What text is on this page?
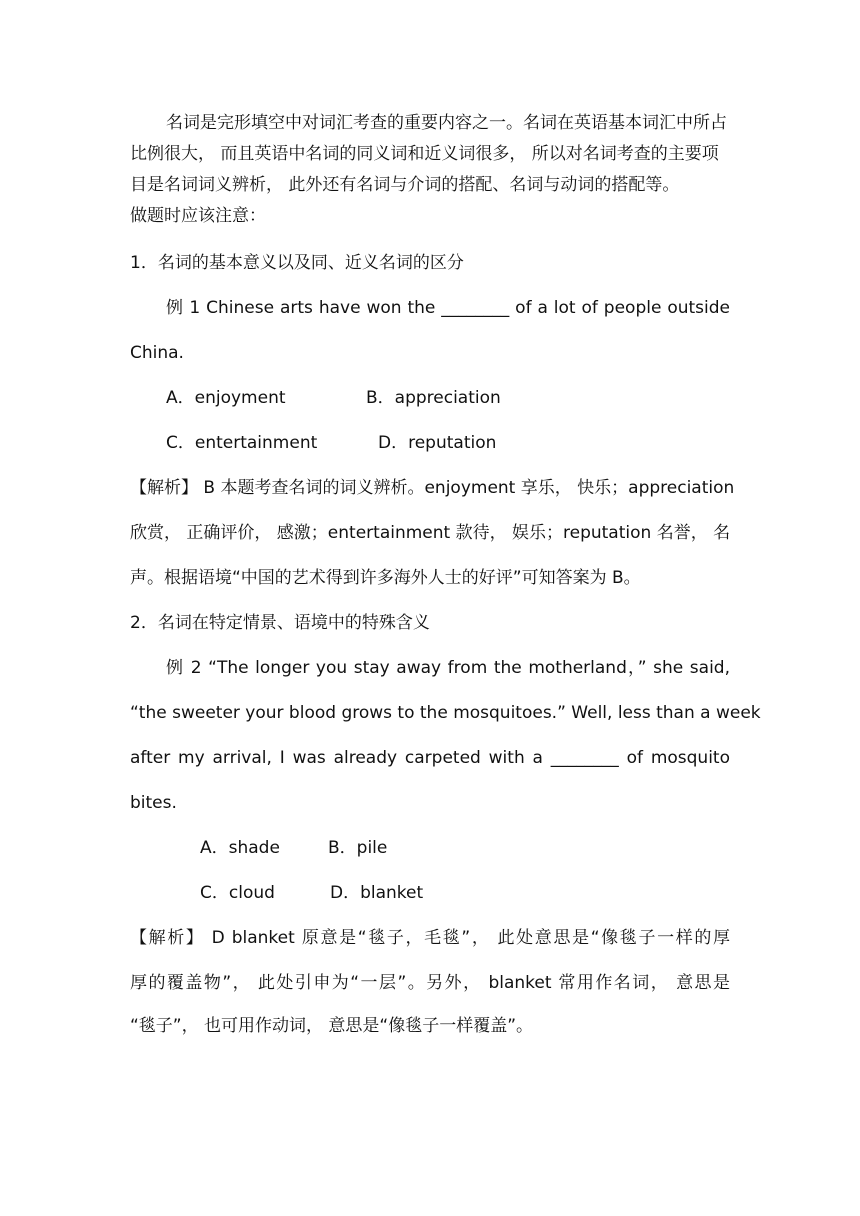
名词是完形填空中对词汇考查的重要内容之一。名词在英语基本词汇中所占

比例很大， 而且英语中名词的同义词和近义词很多， 所以对名词考查的主要项

目是名词词义辨析， 此外还有名词与介词的搭配、名词与动词的搭配等。

做题时应该注意：

1．名词的基本意义以及同、近义名词的区分
例 1 Chinese arts have won the ________ of a lot of people outside
China.
A．enjoyment	B．appreciation
C．entertainment	D．reputation
【解析】 B 本题考查名词的词义辨析。enjoyment 享乐， 快乐；appreciation
欣赏， 正确评价， 感激；entertainment 款待， 娱乐；reputation 名誉， 名
声。根据语境“中国的艺术得到许多海外人士的好评”可知答案为 B。
2．名词在特定情景、语境中的特殊含义
例 2 “The longer you stay away from the motherland，” she said,
“the sweeter your blood grows to the mosquitoes.” Well, less than a week
after my arrival, I was already carpeted with a ________ of mosquito
bites.
A．shade	B．pile
C．cloud	D．blanket
【解析】 D blanket 原意是“毯子，毛毯”， 此处意思是“像毯子一样的厚
厚的覆盖物”， 此处引申为“一层”。另外， blanket 常用作名词， 意思是
“毯子”， 也可用作动词， 意思是“像毯子一样覆盖”。
